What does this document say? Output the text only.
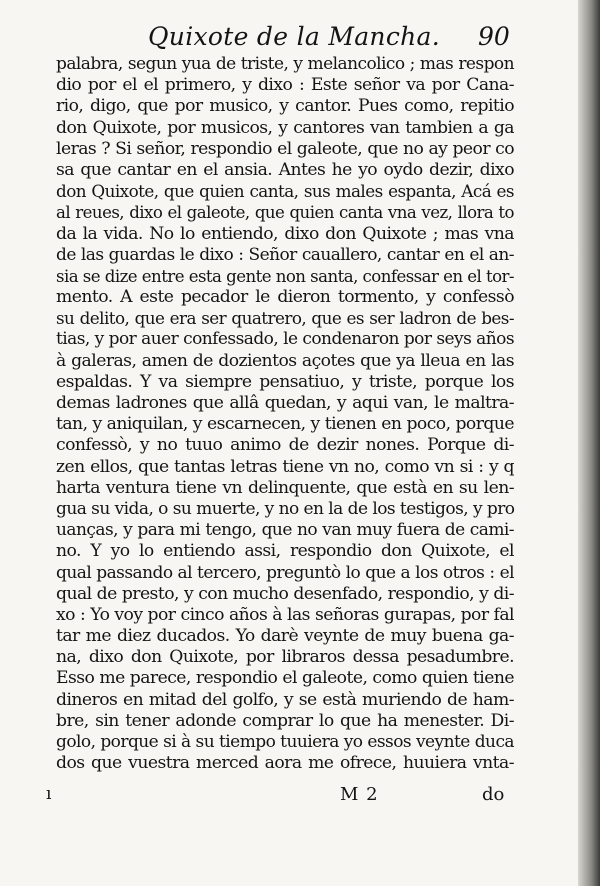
Quixote de la Mancha. 90
palabra, segun yua de triste, y melancolico ; mas respon
dio por el el primero, y dixo : Este señor va por Cana-
rio, digo, que por musico, y cantor. Pues como, repitio
don Quixote, por musicos, y cantores van tambien a ga
leras ? Si señor, respondio el galeote, que no ay peor co
sa que cantar en el ansia. Antes he yo oydo dezir, dixo
don Quixote, que quien canta, sus males espanta, Acá es
al reues, dixo el galeote, que quien canta vna vez, llora to
da la vida. No lo entiendo, dixo don Quixote ; mas vna
de las guardas le dixo : Señor cauallero, cantar en el an-
sia se dize entre esta gente non santa, confessar en el tor-
mento. A este pecador le dieron tormento, y confessò
su delito, que era ser quatrero, que es ser ladron de bes-
tias, y por auer confessado, le condenaron por seys años
à galeras, amen de dozientos açotes que ya lleua en las
espaldas. Y va siempre pensatiuo, y triste, porque los
demas ladrones que allâ quedan, y aqui van, le maltra-
tan, y aniquilan, y escarnecen, y tienen en poco, porque
confessò, y no tuuo animo de dezir nones. Porque di-
zen ellos, que tantas letras tiene vn no, como vn si : y q
harta ventura tiene vn delinquente, que està en su len-
gua su vida, o su muerte, y no en la de los testigos, y pro
uanças, y para mi tengo, que no van muy fuera de cami-
no. Y yo lo entiendo assi, respondio don Quixote, el
qual passando al tercero, preguntò lo que a los otros : el
qual de presto, y con mucho desenfado, respondio, y di-
xo : Yo voy por cinco años à las señoras gurapas, por fal
tar me diez ducados. Yo darè veynte de muy buena ga-
na, dixo don Quixote, por libraros dessa pesadumbre.
Esso me parece, respondio el galeote, como quien tiene
dineros en mitad del golfo, y se està muriendo de ham-
bre, sin tener adonde comprar lo que ha menester. Di-
golo, porque si à su tiempo tuuiera yo essos veynte duca
dos que vuestra merced aora me ofrece, huuiera vnta-
ı	M 2	do
